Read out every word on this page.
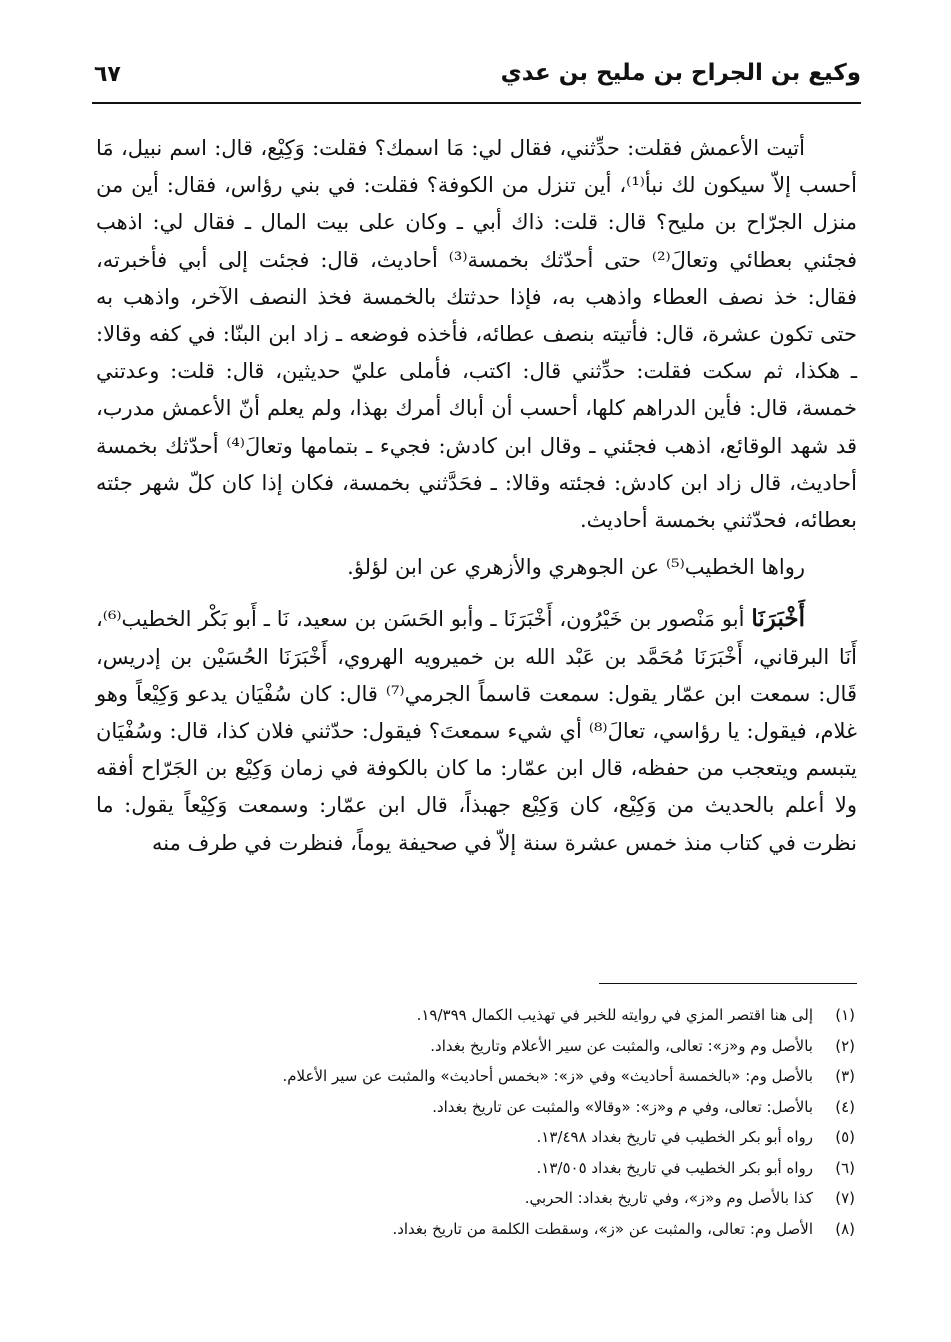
وكيع بن الجراح بن مليح بن عدي
٦٧

أتيت الأعمش فقلت: حدِّثني، فقال لي: مَا اسمك؟ فقلت: وَكِيْع، قال: اسم نبيل، مَا أحسب إلاّ سيكون لك نبأ⁽¹⁾، أين تنزل من الكوفة؟ فقلت: في بني رؤاس، فقال: أين من منزل الجرّاح بن مليح؟ قال: قلت: ذاك أبي ـ وكان على بيت المال ـ فقال لي: اذهب فجئني بعطائي وتعالَ⁽²⁾ حتى أحدّثك بخمسة⁽³⁾ أحاديث، قال: فجئت إلى أبي فأخبرته، فقال: خذ نصف العطاء واذهب به، فإذا حدثتك بالخمسة فخذ النصف الآخر، واذهب به حتى تكون عشرة، قال: فأتيته بنصف عطائه، فأخذه فوضعه ـ زاد ابن البنّا: في كفه وقالا: ـ هكذا، ثم سكت فقلت: حدِّثني قال: اكتب، فأملى عليّ حديثين، قال: قلت: وعدتني خمسة، قال: فأين الدراهم كلها، أحسب أن أباك أمرك بهذا، ولم يعلم أنّ الأعمش مدرب، قد شهد الوقائع، اذهب فجئني ـ وقال ابن كادش: فجيء ـ بتمامها وتعالَ⁽⁴⁾ أحدّثك بخمسة أحاديث، قال زاد ابن كادش: فجئته وقالا: ـ فحَدَّثني بخمسة، فكان إذا كان كلّ شهر جئته بعطائه، فحدّثني بخمسة أحاديث.

رواها الخطيب⁽⁵⁾ عن الجوهري والأزهري عن ابن لؤلؤ.

أَخْبَرَنَا أبو مَنْصور بن خَيْرُون، أَخْبَرَنَا ـ وأبو الحَسَن بن سعيد، نَا ـ أَبو بَكْر الخطيب⁽⁶⁾، أَنَا البرقاني، أَخْبَرَنَا مُحَمَّد بن عَبْد الله بن خميرويه الهروي، أَخْبَرَنَا الحُسَيْن بن إدريس، قَال: سمعت ابن عمّار يقول: سمعت قاسماً الجرمي⁽⁷⁾ قال: كان سُفْيَان يدعو وَكِيْعاً وهو غلام، فيقول: يا رؤاسي، تعالَ⁽⁸⁾ أي شيء سمعتَ؟ فيقول: حدّثني فلان كذا، قال: وسُفْيَان يتبسم ويتعجب من حفظه، قال ابن عمّار: ما كان بالكوفة في زمان وَكِيْع بن الجَرّاح أفقه ولا أعلم بالحديث من وَكِيْع، كان وَكِيْع جهبذاً، قال ابن عمّار: وسمعت وَكِيْعاً يقول: ما نظرت في كتاب منذ خمس عشرة سنة إلاّ في صحيفة يوماً، فنظرت في طرف منه

(١)
إلى هنا اقتصر المزي في روايته للخبر في تهذيب الكمال ١٩/٣٩٩.
(٢)
بالأصل وم و«ز»: تعالى، والمثبت عن سير الأعلام وتاريخ بغداد.
(٣)
بالأصل وم: «بالخمسة أحاديث» وفي «ز»: «بخمس أحاديث» والمثبت عن سير الأعلام.
(٤)
بالأصل: تعالى، وفي م و«ز»: «وقالا» والمثبت عن تاريخ بغداد.
(٥)
رواه أبو بكر الخطيب في تاريخ بغداد ١٣/٤٩٨.
(٦)
رواه أبو بكر الخطيب في تاريخ بغداد ١٣/٥٠٥.
(٧)
كذا بالأصل وم و«ز»، وفي تاريخ بغداد: الحربي.
(٨)
الأصل وم: تعالى، والمثبت عن «ز»، وسقطت الكلمة من تاريخ بغداد.
